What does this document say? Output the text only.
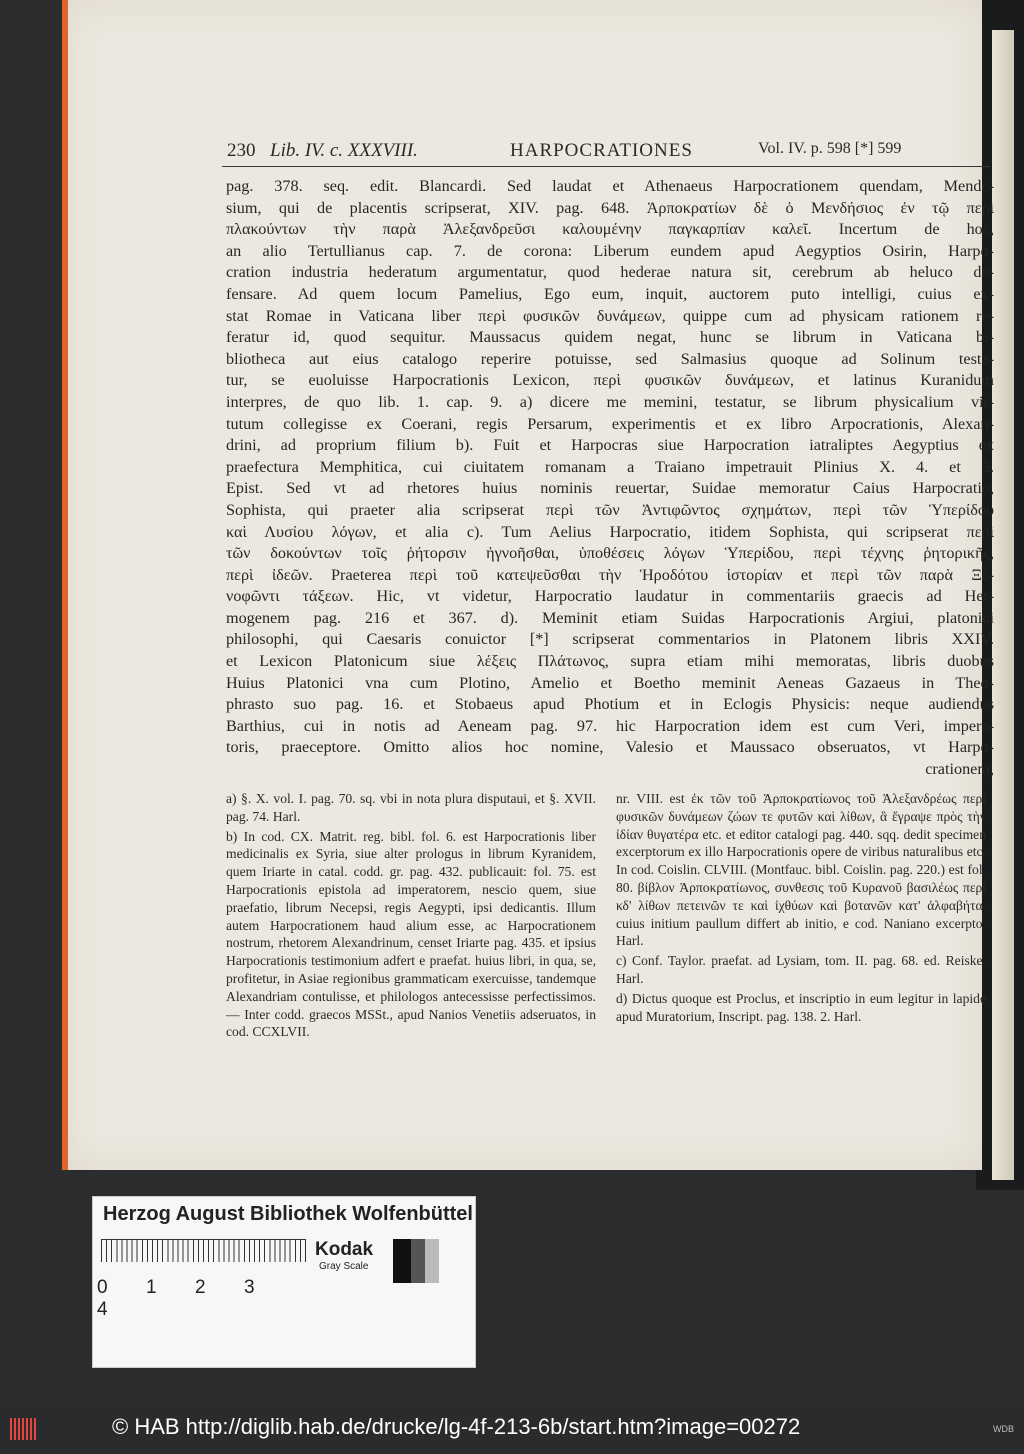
230 Lib. IV. c. XXXVIII.	HARPOCRATIONES	Vol. IV. p. 598 [*] 599

pag. 378. seq. edit. Blancardi. Sed laudat et Athenaeus Harpocrationem quendam, Mende-

sium, qui de placentis scripserat, XIV. pag. 648. Ἁρποκρατίων δὲ ὁ Μενδήσιος ἐν τῷ περὶ

πλακούντων τὴν παρὰ Ἀλεξανδρεῦσι καλουμένην παγκαρπίαν καλεῖ. Incertum de hoc,

an alio Tertullianus cap. 7. de corona: Liberum eundem apud Aegyptios Osirin, Harpo-

cration industria hederatum argumentatur, quod hederae natura sit, cerebrum ab heluco de-

fensare. Ad quem locum Pamelius, Ego eum, inquit, auctorem puto intelligi, cuius ex-

stat Romae in Vaticana liber περὶ φυσικῶν δυνάμεων, quippe cum ad physicam rationem re-

feratur id, quod sequitur. Maussacus quidem negat, hunc se librum in Vaticana bi-

bliotheca aut eius catalogo reperire potuisse, sed Salmasius quoque ad Solinum testa-

tur, se euoluisse Harpocrationis Lexicon, περὶ φυσικῶν δυνάμεων, et latinus Kuranidum

interpres, de quo lib. 1. cap. 9. a) dicere me memini, testatur, se librum physicalium vir-

tutum collegisse ex Coerani, regis Persarum, experimentis et ex libro Arpocrationis, Alexan-

drini, ad proprium filium b). Fuit et Harpocras siue Harpocration iatraliptes Aegyptius ex

praefectura Memphitica, cui ciuitatem romanam a Traiano impetrauit Plinius X. 4. et 5.

Epist. Sed vt ad rhetores huius nominis reuertar, Suidae memoratur Caius Harpocratio,

Sophista, qui praeter alia scripserat περὶ τῶν Ἀντιφῶντος σχημάτων, περὶ τῶν Ὑπερίδου

καὶ Λυσίου λόγων, et alia c). Tum Aelius Harpocratio, itidem Sophista, qui scripserat περὶ

τῶν δοκούντων τοῖς ῥήτορσιν ἠγνοῆσθαι, ὑποθέσεις λόγων Ὑπερίδου, περὶ τέχνης ῥητορικῆς,

περὶ ἰδεῶν. Praeterea περὶ τοῦ κατεψεῦσθαι τὴν Ἡροδότου ἱστορίαν et περὶ τῶν παρὰ Ξε-

νοφῶντι τάξεων. Hic, vt videtur, Harpocratio laudatur in commentariis graecis ad Her-

mogenem pag. 216 et 367. d). Meminit etiam Suidas Harpocrationis Argiui, platonici

philosophi, qui Caesaris conuictor [*] scripserat commentarios in Platonem libris XXIV.

et Lexicon Platonicum siue λέξεις Πλάτωνος, supra etiam mihi memoratas, libris duobus

Huius Platonici vna cum Plotino, Amelio et Boetho meminit Aeneas Gazaeus in Theo-

phrasto suo pag. 16. et Stobaeus apud Photium et in Eclogis Physicis: neque audiendus

Barthius, cui in notis ad Aeneam pag. 97. hic Harpocration idem est cum Veri, impera-

toris, praeceptore. Omitto alios hoc nomine, Valesio et Maussaco obseruatos, vt Harpo-

crationem,

a) §. X. vol. I. pag. 70. sq. vbi in nota plura disputaui, et §. XVII. pag. 74. Harl.

b) In cod. CX. Matrit. reg. bibl. fol. 6. est Harpocrationis liber medicinalis ex Syria, siue alter prologus in librum Kyranidem, quem Iriarte in catal. codd. gr. pag. 432. publicauit: fol. 75. est Harpocrationis epistola ad imperatorem, nescio quem, siue praefatio, librum Necepsi, regis Aegypti, ipsi dedicantis. Illum autem Harpocrationem haud alium esse, ac Harpocrationem nostrum, rhetorem Alexandrinum, censet Iriarte pag. 435. et ipsius Harpocrationis testimonium adfert e praefat. huius libri, in qua, se, profitetur, in Asiae regionibus grammaticam exercuisse, tandemque Alexandriam contulisse, et philologos antecessisse perfectissimos. — Inter codd. graecos MSSt., apud Nanios Venetiis adseruatos, in cod. CCXLVII.

nr. VIII. est ἐκ τῶν τοῦ Ἁρποκρατίωνος τοῦ Ἀλεξανδρέως περὶ φυσικῶν δυνάμεων ζώων τε φυτῶν καὶ λίθων, ἃ ἔγραψε πρὸς τὴν ἰδίαν θυγατέρα etc. et editor catalogi pag. 440. sqq. dedit specimen excerptorum ex illo Harpocrationis opere de viribus naturalibus etc. In cod. Coislin. CLVIII. (Montfauc. bibl. Coislin. pag. 220.) est fol. 80. βίβλον Ἁρποκρατίωνος, συνθεσις τοῦ Κυρανοῦ βασιλέως περὶ κδ' λίθων πετεινῶν τε καὶ ἰχθύων καὶ βοτανῶν κατ' ἀλφαβήτα. cuius initium paullum differt ab initio, e cod. Naniano excerpto. Harl.

c) Conf. Taylor. praefat. ad Lysiam, tom. II. pag. 68. ed. Reiske. Harl.

d) Dictus quoque est Proclus, et inscriptio in eum legitur in lapide apud Muratorium, Inscript. pag. 138. 2. Harl.

Herzog August Bibliothek Wolfenbüttel
0 1 2 34
Kodak
Gray Scale
© HAB http://diglib.hab.de/drucke/lg-4f-213-6b/start.htm?image=00272	WDB
